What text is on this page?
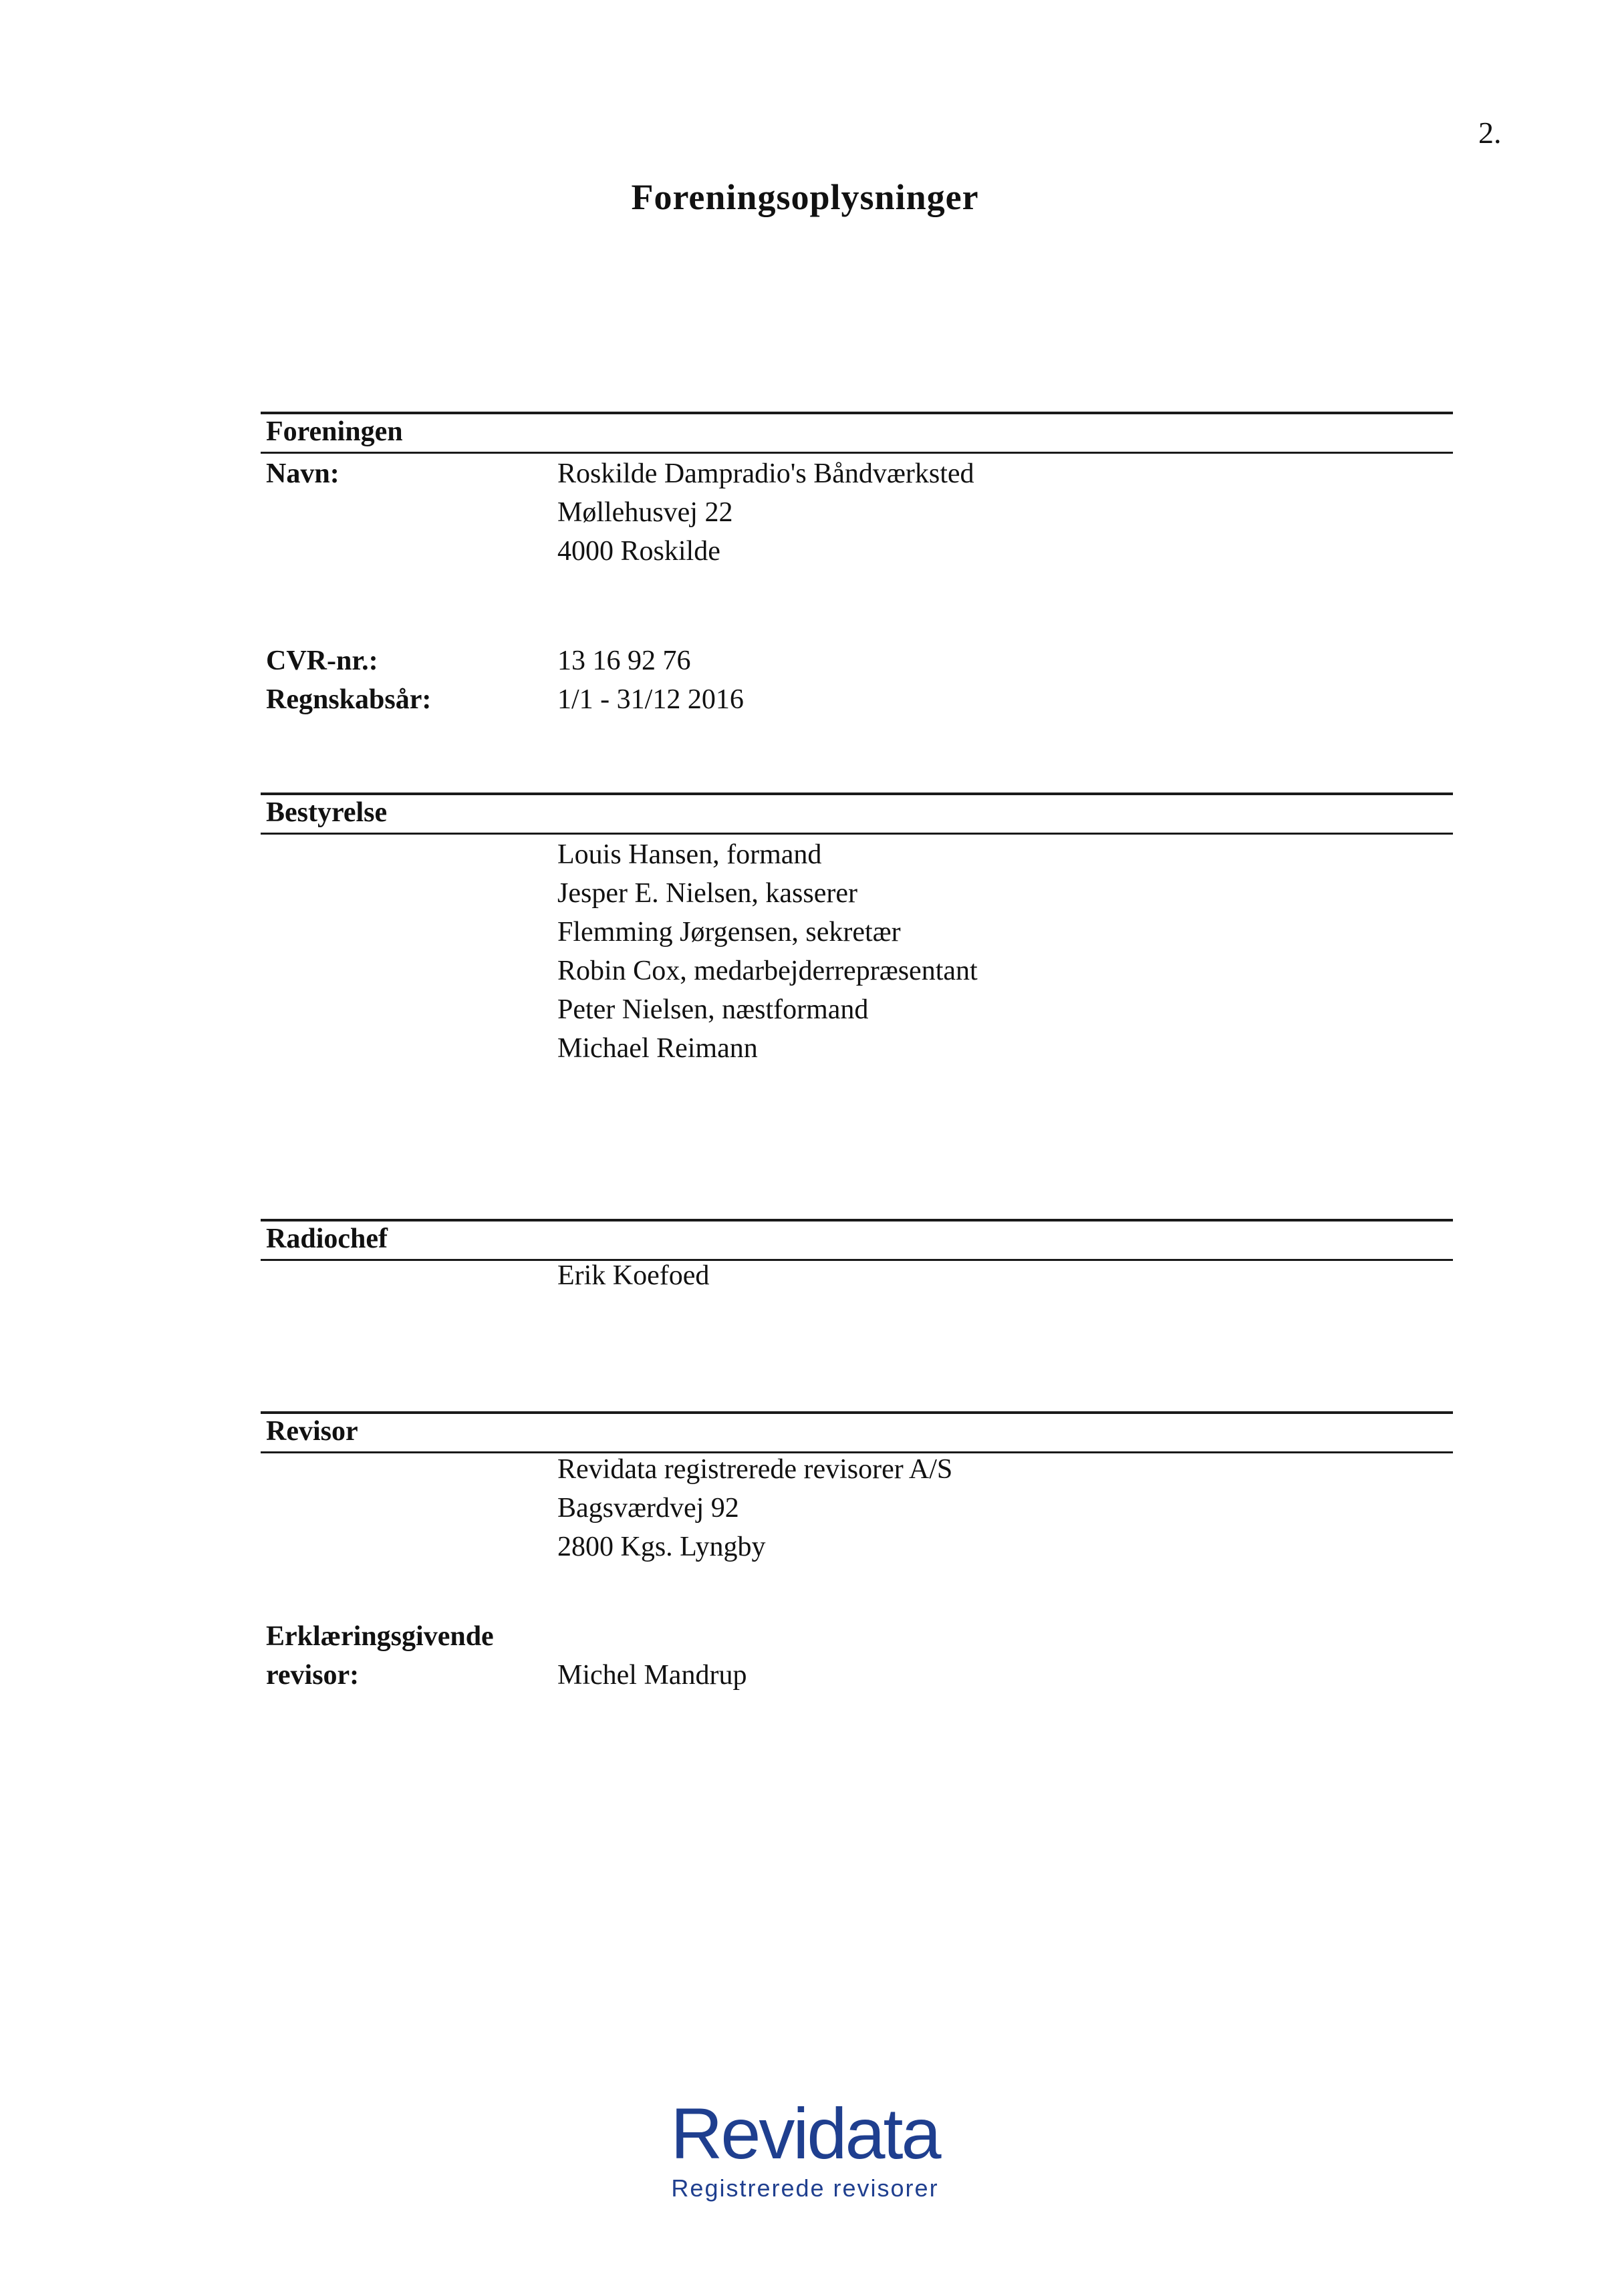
2.
Foreningsoplysninger
Foreningen
Navn:	Roskilde Dampradio's Båndværksted
Møllehusvej 22
4000 Roskilde
CVR-nr.:	13 16 92 76
Regnskabsår:	1/1 - 31/12 2016
Bestyrelse
Louis Hansen, formand
Jesper E. Nielsen, kasserer
Flemming Jørgensen, sekretær
Robin Cox, medarbejderrepræsentant
Peter Nielsen, næstformand
Michael Reimann
Radiochef
Erik Koefoed
Revisor
Revidata registrerede revisorer A/S
Bagsværdvej 92
2800 Kgs. Lyngby
Erklæringsgivende
revisor:	Michel Mandrup
Revidata
Registrerede revisorer
